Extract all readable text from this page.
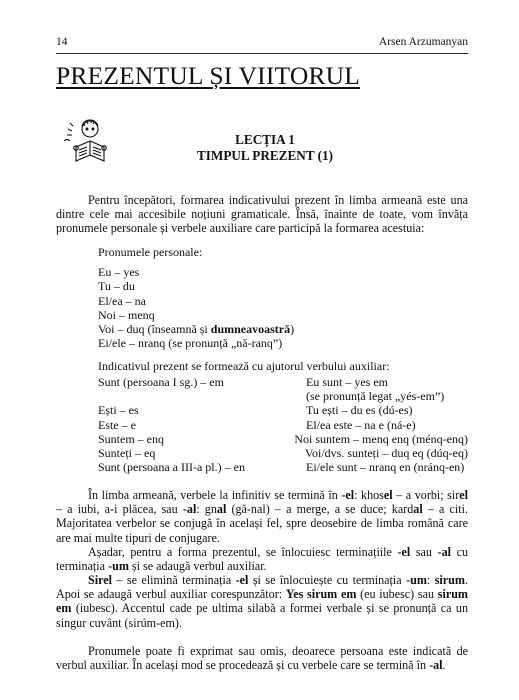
14	Arsen Arzumanyan
PREZENTUL ȘI VIITORUL
LECȚIA 1
TIMPUL PREZENT (1)

Pentru începători, formarea indicativului prezent în limba armeană este una dintre cele mai accesibile noțiuni gramaticale. Însă, înainte de toate, vom învăța pronumele personale și verbele auxiliare care participă la formarea acestuia:

Pronumele personale:
Eu – yes
Tu – du
El/ea – na
Noi – menq
Voi – duq (înseamnă și dumneavoastră)
Ei/ele – nranq (se pronunță „nă-ranq”)
Indicativul prezent se formează cu ajutorul verbului auxiliar:
Sunt (persoana I sg.) – em	Eu sunt – yes em
(se pronunță legat „yés-em”)
Ești – es	Tu ești – du es (dú-es)
Este – e	El/ea este – na e (ná-e)
Suntem – enq	Noi suntem – menq enq (ménq-enq)
Sunteți – eq	Voi/dvs. sunteți – duq eq (dúq-eq)
Sunt (persoana a III-a pl.) – en	Ei/ele sunt – nranq en (nránq-en)

În limba armeană, verbele la infinitiv se termină în -el: khosel – a vorbi; sirel – a iubi, a-i plăcea, sau -al: gnal (gă-nal) – a merge, a se duce; kardal – a citi. Majoritatea verbelor se conjugă în același fel, spre deosebire de limba română care are mai multe tipuri de conjugare.

Așadar, pentru a forma prezentul, se înlocuiesc terminațiile -el sau -al cu terminația -um și se adaugă verbul auxiliar.

Sirel – se elimină terminația -el și se înlocuiește cu terminația -um: sirum. Apoi se adaugă verbul auxiliar corespunzător: Yes sirum em (eu iubesc) sau sirum em (iubesc). Accentul cade pe ultima silabă a formei verbale și se pronunță ca un singur cuvânt (sirúm-em).

Pronumele poate fi exprimat sau omis, deoarece persoana este indicată de verbul auxiliar. În același mod se procedează și cu verbele care se termină în -al.
